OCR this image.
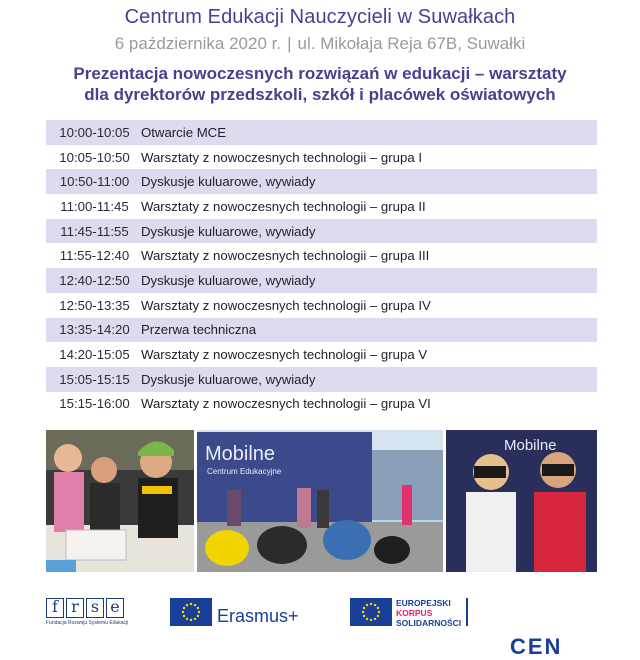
Centrum Edukacji Nauczycieli w Suwałkach
6 października 2020 r. | ul. Mikołaja Reja 67B, Suwałki
Prezentacja nowoczesnych rozwiązań w edukacji – warsztaty
dla dyrektorów przedszkoli, szkół i placówek oświatowych
10:00-10:05 Otwarcie MCE
10:05-10:50 Warsztaty z nowoczesnych technologii – grupa I
10:50-11:00 Dyskusje kuluarowe, wywiady
11:00-11:45 Warsztaty z nowoczesnych technologii – grupa II
11:45-11:55 Dyskusje kuluarowe, wywiady
11:55-12:40 Warsztaty z nowoczesnych technologii – grupa III
12:40-12:50 Dyskusje kuluarowe, wywiady
12:50-13:35 Warsztaty z nowoczesnych technologii – grupa IV
13:35-14:20 Przerwa techniczna
14:20-15:05 Warsztaty z nowoczesnych technologii – grupa V
15:05-15:15 Dyskusje kuluarowe, wywiady
15:15-16:00 Warsztaty z nowoczesnych technologii – grupa VI
Mobilne
Centrum Edukacyjne
Mobilne
f r s e
Fundacja Rozwoju Systemu Edukacji	Erasmus+
EUROPEJSKI
KORPUS
SOLIDARNOŚCI
CEN
